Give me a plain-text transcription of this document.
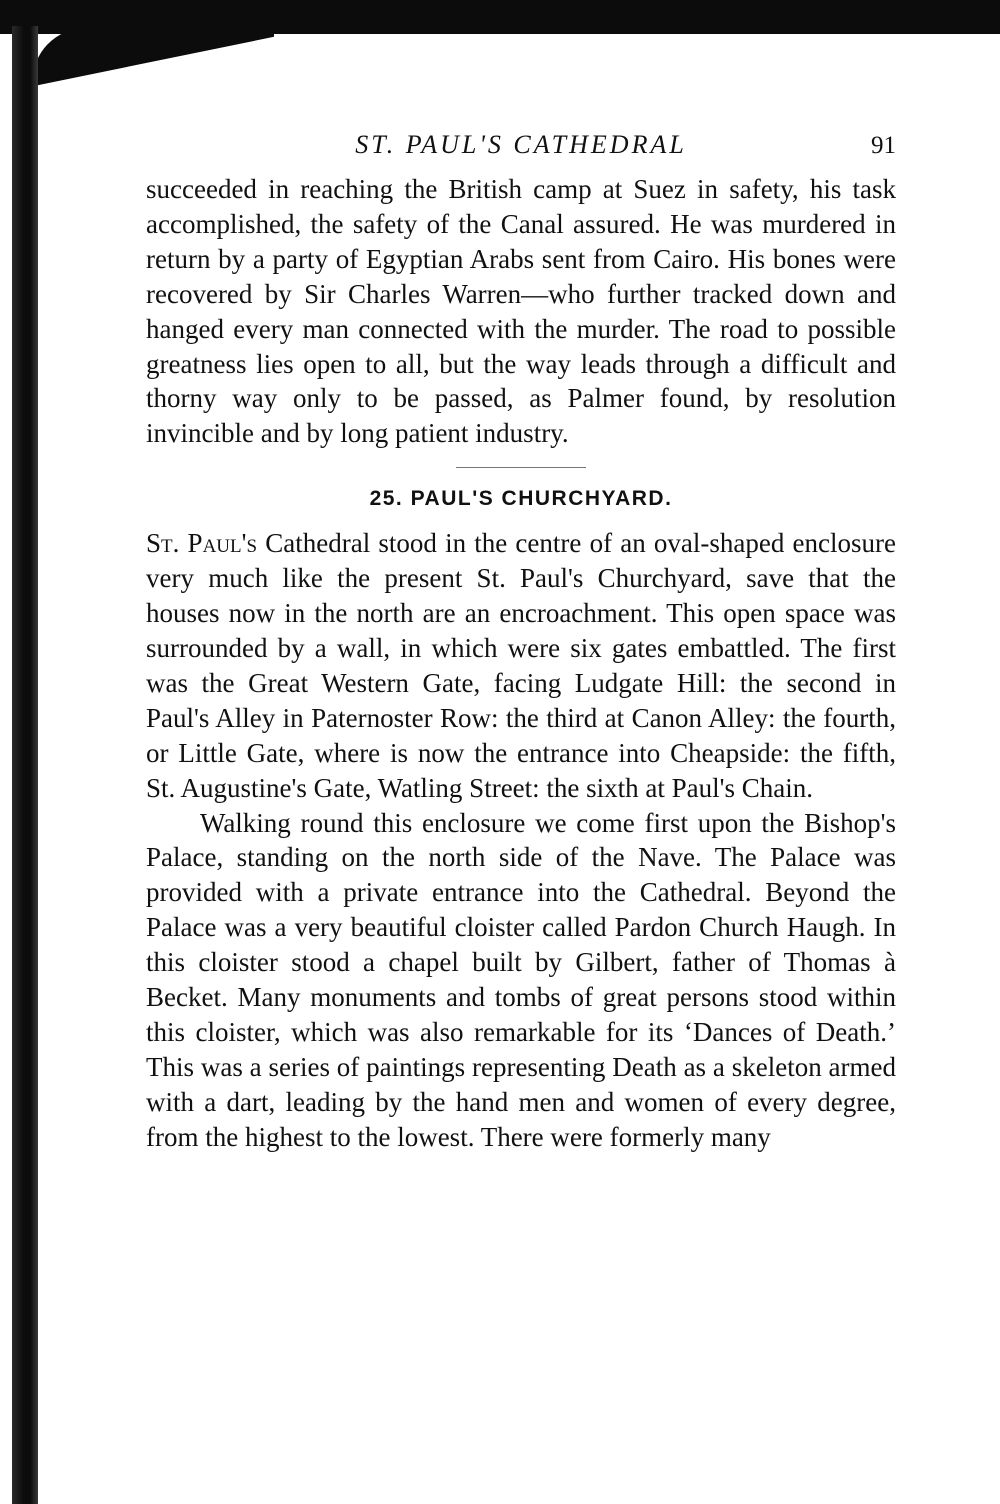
ST. PAUL'S CATHEDRAL	91

succeeded in reaching the British camp at Suez in safety, his task accomplished, the safety of the Canal assured. He was murdered in return by a party of Egyptian Arabs sent from Cairo. His bones were recovered by Sir Charles Warren—who further tracked down and hanged every man connected with the murder. The road to possible greatness lies open to all, but the way leads through a difficult and thorny way only to be passed, as Palmer found, by resolution invincible and by long patient industry.

25. PAUL'S CHURCHYARD.

St. Paul's Cathedral stood in the centre of an oval-shaped enclosure very much like the present St. Paul's Churchyard, save that the houses now in the north are an encroachment. This open space was surrounded by a wall, in which were six gates embattled. The first was the Great Western Gate, facing Ludgate Hill: the second in Paul's Alley in Paternoster Row: the third at Canon Alley: the fourth, or Little Gate, where is now the entrance into Cheapside: the fifth, St. Augustine's Gate, Watling Street: the sixth at Paul's Chain.

Walking round this enclosure we come first upon the Bishop's Palace, standing on the north side of the Nave. The Palace was provided with a private entrance into the Cathedral. Beyond the Palace was a very beautiful cloister called Pardon Church Haugh. In this cloister stood a chapel built by Gilbert, father of Thomas à Becket. Many monuments and tombs of great persons stood within this cloister, which was also remarkable for its ‘Dances of Death.’ This was a series of paintings representing Death as a skeleton armed with a dart, leading by the hand men and women of every degree, from the highest to the lowest. There were formerly many
